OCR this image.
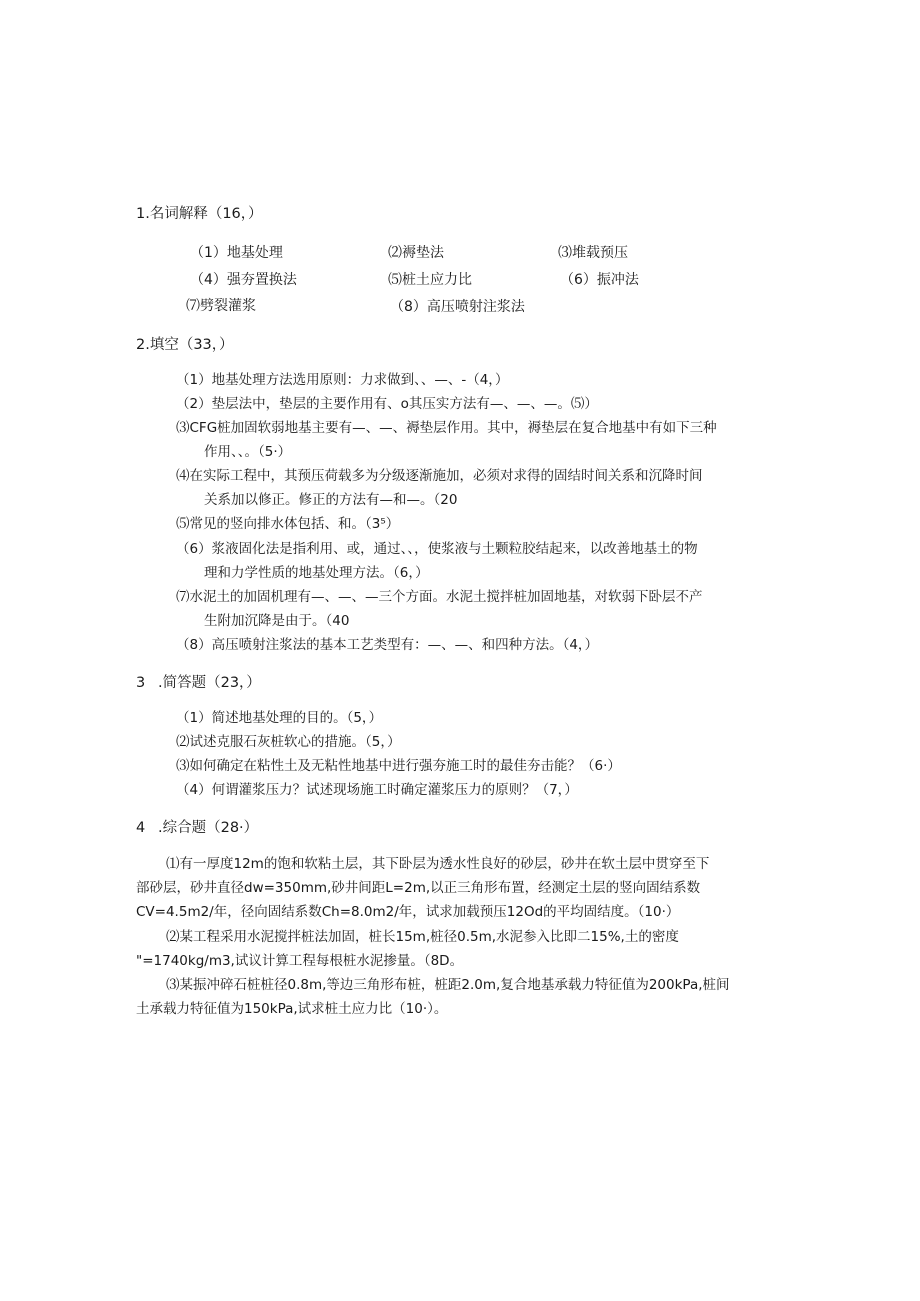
1.名词解释（16，）
（1）地基处理	⑵褥垫法	⑶堆载预压
（4）强夯置换法	⑸桩土应力比	（6）振冲法
⑺劈裂灌浆	（8）高压喷射注浆法
2.填空（33，）
（1）地基处理方法选用原则：力求做到、、—、-（4，）
（2）垫层法中，垫层的主要作用有、o其压实方法有—、—、—。⑸）
⑶CFG桩加固软弱地基主要有—、—、褥垫层作用。其中，褥垫层在复合地基中有如下三种
作用、、。（5·）
⑷在实际工程中，其预压荷载多为分级逐渐施加，必须对求得的固结时间关系和沉降时间
关系加以修正。修正的方法有—和—。（20
⑸常见的竖向排水体包括、和。（3⁵）
（6）浆液固化法是指利用、或，通过、、，使浆液与土颗粒胶结起来，以改善地基土的物
理和力学性质的地基处理方法。（6，）
⑺水泥土的加固机理有—、—、—三个方面。水泥土搅拌桩加固地基，对软弱下卧层不产
生附加沉降是由于。（40
（8）高压喷射注浆法的基本工艺类型有：—、—、和四种方法。（4，）
3 .简答题（23，）
（1）简述地基处理的目的。（5，）
⑵试述克服石灰桩软心的措施。（5，）
⑶如何确定在粘性土及无粘性地基中进行强夯施工时的最佳夯击能？（6·）
（4）何谓灌浆压力？试述现场施工时确定灌浆压力的原则？（7，）
4 .综合题（28·）
⑴有一厚度12m的饱和软粘土层，其下卧层为透水性良好的砂层，砂井在软土层中贯穿至下
部砂层，砂井直径dw=350mm,砂井间距L=2m,以正三角形布置，经测定土层的竖向固结系数
CV=4.5m2∕年，径向固结系数Ch=8.0m2∕年，试求加载预压12Od的平均固结度。（10·）
⑵某工程采用水泥搅拌桩法加固，桩长15m,桩径0.5m,水泥参入比即二15%,土的密度
"=1740kg∕m3,试议计算工程每根桩水泥掺量。（8D。
⑶某振冲碎石桩桩径0.8m,等边三角形布桩，桩距2.0m,复合地基承载力特征值为200kPa,桩间
土承载力特征值为150kPa,试求桩土应力比（10·）。
